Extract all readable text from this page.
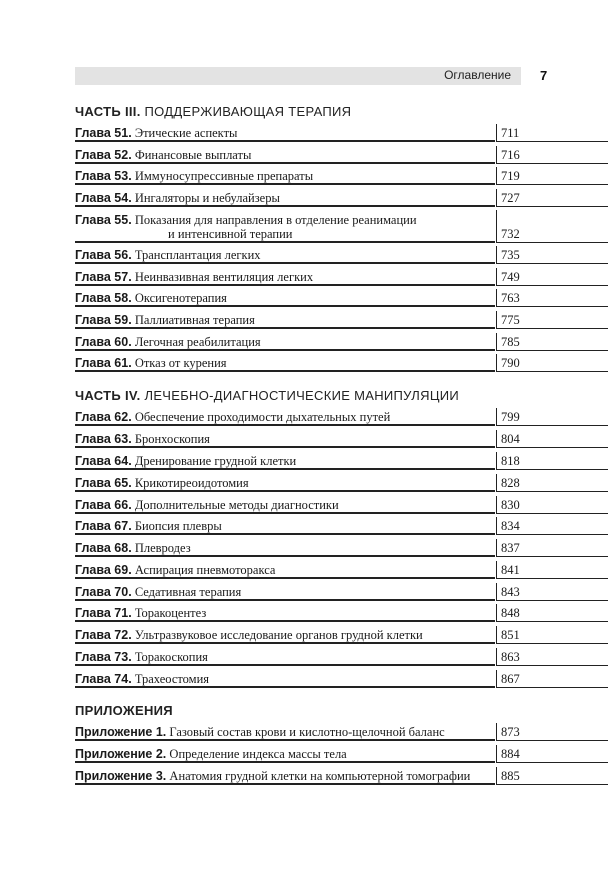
Оглавление 7
ЧАСТЬ III. ПОДДЕРЖИВАЮЩАЯ ТЕРАПИЯ
Глава 51. Этические аспекты	711
Глава 52. Финансовые выплаты	716
Глава 53. Иммуносупрессивные препараты	719
Глава 54. Ингаляторы и небулайзеры	727
Глава 55. Показания для направления в отделение реанимации
и интенсивной терапии	732
Глава 56. Трансплантация легких	735
Глава 57. Неинвазивная вентиляция легких	749
Глава 58. Оксигенотерапия	763
Глава 59. Паллиативная терапия	775
Глава 60. Легочная реабилитация	785
Глава 61. Отказ от курения	790
ЧАСТЬ IV. ЛЕЧЕБНО-ДИАГНОСТИЧЕСКИЕ МАНИПУЛЯЦИИ
Глава 62. Обеспечение проходимости дыхательных путей	799
Глава 63. Бронхоскопия	804
Глава 64. Дренирование грудной клетки	818
Глава 65. Крикотиреоидотомия	828
Глава 66. Дополнительные методы диагностики	830
Глава 67. Биопсия плевры	834
Глава 68. Плевродез	837
Глава 69. Аспирация пневмоторакса	841
Глава 70. Седативная терапия	843
Глава 71. Торакоцентез	848
Глава 72. Ультразвуковое исследование органов грудной клетки	851
Глава 73. Торакоскопия	863
Глава 74. Трахеостомия	867
ПРИЛОЖЕНИЯ
Приложение 1. Газовый состав крови и кислотно-щелочной баланс	873
Приложение 2. Определение индекса массы тела	884
Приложение 3. Анатомия грудной клетки на компьютерной томографии	885
